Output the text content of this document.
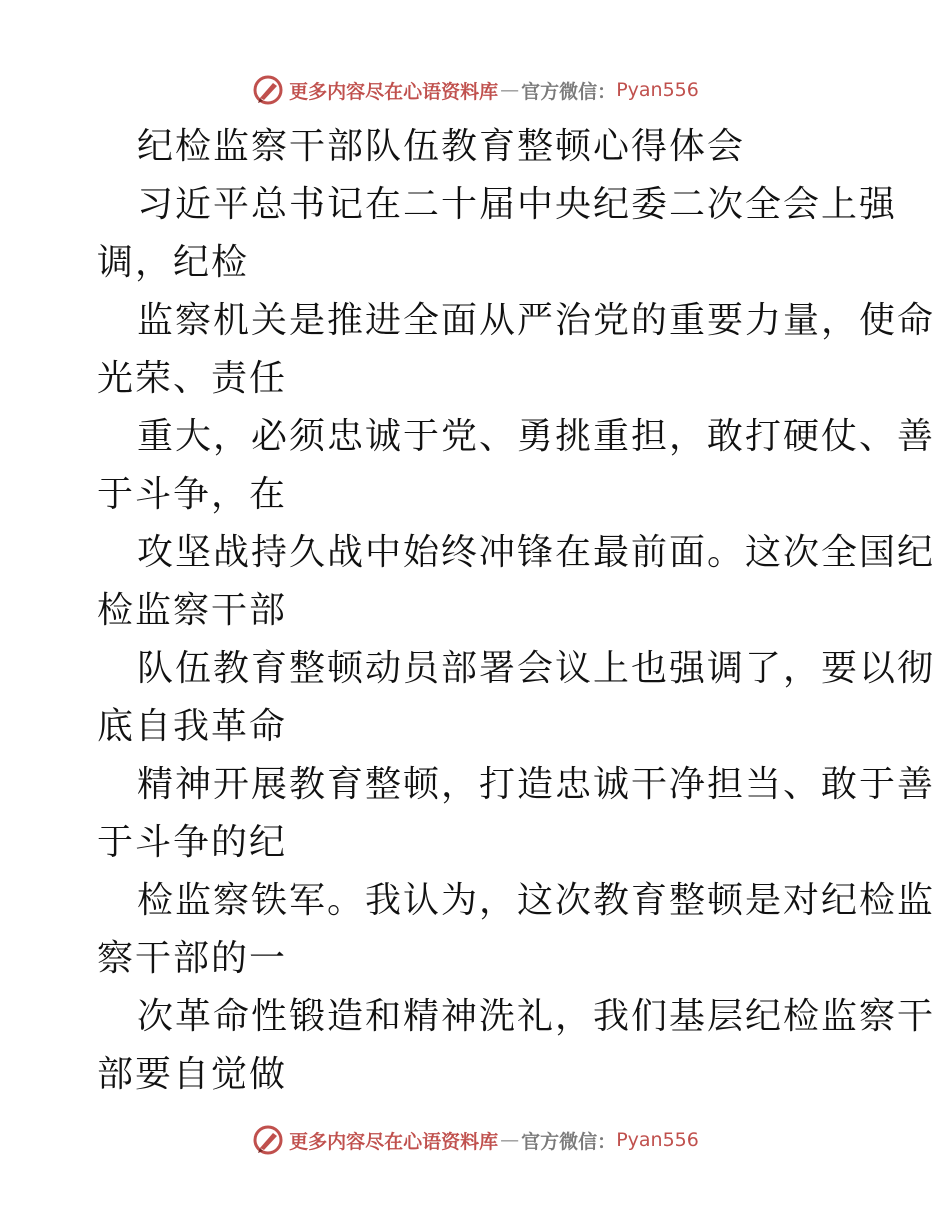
更多内容尽在心语资料库 — 官方微信： Pyan556
纪检监察干部队伍教育整顿心得体会
习近平总书记在二十届中央纪委二次全会上强
调，纪检
监察机关是推进全面从严治党的重要力量，使命
光荣、责任
重大，必须忠诚于党、勇挑重担，敢打硬仗、善
于斗争，在
攻坚战持久战中始终冲锋在最前面。这次全国纪
检监察干部
队伍教育整顿动员部署会议上也强调了，要以彻
底自我革命
精神开展教育整顿，打造忠诚干净担当、敢于善
于斗争的纪
检监察铁军。我认为，这次教育整顿是对纪检监
察干部的一
次革命性锻造和精神洗礼，我们基层纪检监察干
部要自觉做
更多内容尽在心语资料库 — 官方微信： Pyan556
